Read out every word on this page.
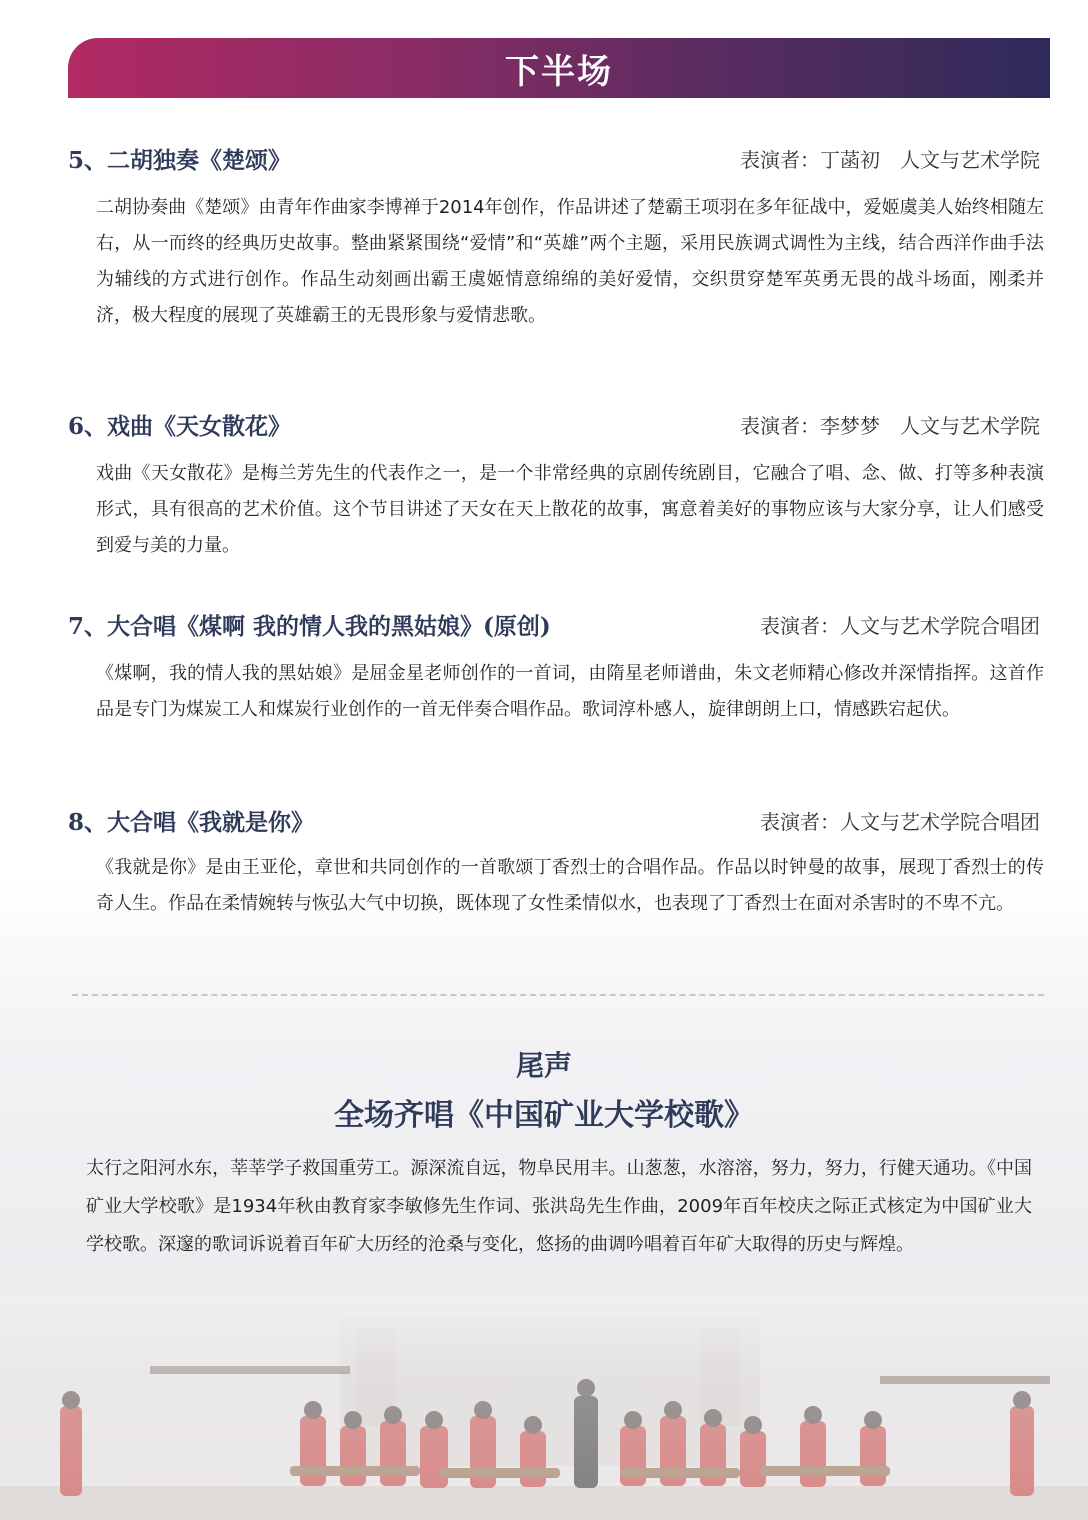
下半场
5、二胡独奏《楚颂》	表演者：丁菡初　人文与艺术学院
二胡协奏曲《楚颂》由青年作曲家李博禅于2014年创作，作品讲述了楚霸王项羽在多年征战中，爱姬虞美人始终相随左右，从一而终的经典历史故事。整曲紧紧围绕“爱情”和“英雄”两个主题，采用民族调式调性为主线，结合西洋作曲手法为辅线的方式进行创作。作品生动刻画出霸王虞姬情意绵绵的美好爱情，交织贯穿楚军英勇无畏的战斗场面，刚柔并济，极大程度的展现了英雄霸王的无畏形象与爱情悲歌。
6、戏曲《天女散花》	表演者：李梦梦　人文与艺术学院
戏曲《天女散花》是梅兰芳先生的代表作之一，是一个非常经典的京剧传统剧目，它融合了唱、念、做、打等多种表演形式，具有很高的艺术价值。这个节目讲述了天女在天上散花的故事，寓意着美好的事物应该与大家分享，让人们感受到爱与美的力量。
7、大合唱《煤啊 我的情人我的黑姑娘》(原创)	表演者：人文与艺术学院合唱团
《煤啊，我的情人我的黑姑娘》是屈金星老师创作的一首词，由隋星老师谱曲，朱文老师精心修改并深情指挥。这首作品是专门为煤炭工人和煤炭行业创作的一首无伴奏合唱作品。歌词淳朴感人，旋律朗朗上口，情感跌宕起伏。
8、大合唱《我就是你》	表演者：人文与艺术学院合唱团
《我就是你》是由王亚伦，章世和共同创作的一首歌颂丁香烈士的合唱作品。作品以时钟曼的故事，展现丁香烈士的传奇人生。作品在柔情婉转与恢弘大气中切换，既体现了女性柔情似水，也表现了丁香烈士在面对杀害时的不卑不亢。
尾声
全场齐唱《中国矿业大学校歌》
太行之阳河水东，莘莘学子救国重劳工。源深流自远，物阜民用丰。山葱葱，水溶溶，努力，努力，行健天通功。《中国矿业大学校歌》是1934年秋由教育家李敏修先生作词、张洪岛先生作曲，2009年百年校庆之际正式核定为中国矿业大学校歌。深邃的歌词诉说着百年矿大历经的沧桑与变化，悠扬的曲调吟唱着百年矿大取得的历史与辉煌。
